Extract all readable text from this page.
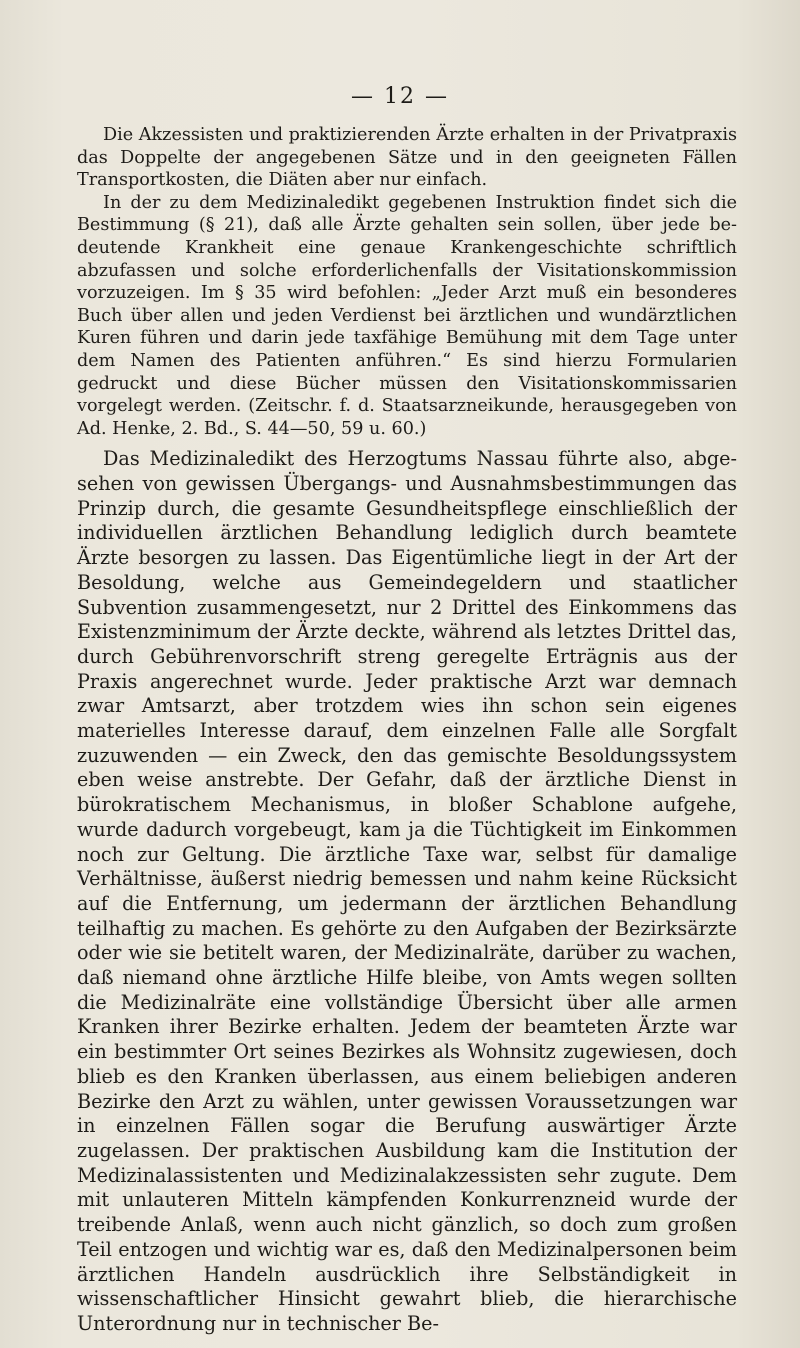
— 12 —

Die Akzessisten und praktizierenden Ärzte erhalten in der Privatpraxis das Doppelte der angegebenen Sätze und in den geeigneten Fällen Transportkosten, die Diäten aber nur einfach.

In der zu dem Medizinaledikt gegebenen Instruktion findet sich die Bestimmung (§ 21), daß alle Ärzte gehalten sein sollen, über jede bedeutende Krankheit eine genaue Krankengeschichte schriftlich abzufassen und solche erforderlichenfalls der Visitationskommission vorzuzeigen. Im § 35 wird befohlen: „Jeder Arzt muß ein besonderes Buch über allen und jeden Verdienst bei ärztlichen und wundärztlichen Kuren führen und darin jede taxfähige Bemühung mit dem Tage unter dem Namen des Patienten anführen.“ Es sind hierzu Formularien gedruckt und diese Bücher müssen den Visitationskommissarien vorgelegt werden. (Zeitschr. f. d. Staatsarzneikunde, herausgegeben von Ad. Henke, 2. Bd., S. 44—50, 59 u. 60.)

Das Medizinaledikt des Herzogtums Nassau führte also, abgesehen von gewissen Übergangs- und Ausnahmsbestimmungen das Prinzip durch, die gesamte Gesundheitspflege einschließlich der individuellen ärztlichen Behandlung lediglich durch beamtete Ärzte besorgen zu lassen. Das Eigentümliche liegt in der Art der Besoldung, welche aus Gemeindegeldern und staatlicher Subvention zusammengesetzt, nur 2 Drittel des Einkommens das Existenzminimum der Ärzte deckte, während als letztes Drittel das, durch Gebührenvorschrift streng geregelte Erträgnis aus der Praxis angerechnet wurde. Jeder praktische Arzt war demnach zwar Amtsarzt, aber trotzdem wies ihn schon sein eigenes materielles Interesse darauf, dem einzelnen Falle alle Sorgfalt zuzuwenden — ein Zweck, den das gemischte Besoldungssystem eben weise anstrebte. Der Gefahr, daß der ärztliche Dienst in bürokratischem Mechanismus, in bloßer Schablone aufgehe, wurde dadurch vorgebeugt, kam ja die Tüchtigkeit im Einkommen noch zur Geltung. Die ärztliche Taxe war, selbst für damalige Verhältnisse, äußerst niedrig bemessen und nahm keine Rücksicht auf die Entfernung, um jedermann der ärztlichen Behandlung teilhaftig zu machen. Es gehörte zu den Aufgaben der Bezirksärzte oder wie sie betitelt waren, der Medizinalräte, darüber zu wachen, daß niemand ohne ärztliche Hilfe bleibe, von Amts wegen sollten die Medizinalräte eine vollständige Übersicht über alle armen Kranken ihrer Bezirke erhalten. Jedem der beamteten Ärzte war ein bestimmter Ort seines Bezirkes als Wohnsitz zugewiesen, doch blieb es den Kranken überlassen, aus einem beliebigen anderen Bezirke den Arzt zu wählen, unter gewissen Voraussetzungen war in einzelnen Fällen sogar die Berufung auswärtiger Ärzte zugelassen. Der praktischen Ausbildung kam die Institution der Medizinalassistenten und Medizinalakzessisten sehr zugute. Dem mit unlauteren Mitteln kämpfenden Konkurrenzneid wurde der treibende Anlaß, wenn auch nicht gänzlich, so doch zum großen Teil entzogen und wichtig war es, daß den Medizinalpersonen beim ärztlichen Handeln ausdrücklich ihre Selbständigkeit in wissenschaftlicher Hinsicht gewahrt blieb, die hierarchische Unterordnung nur in technischer Be-
